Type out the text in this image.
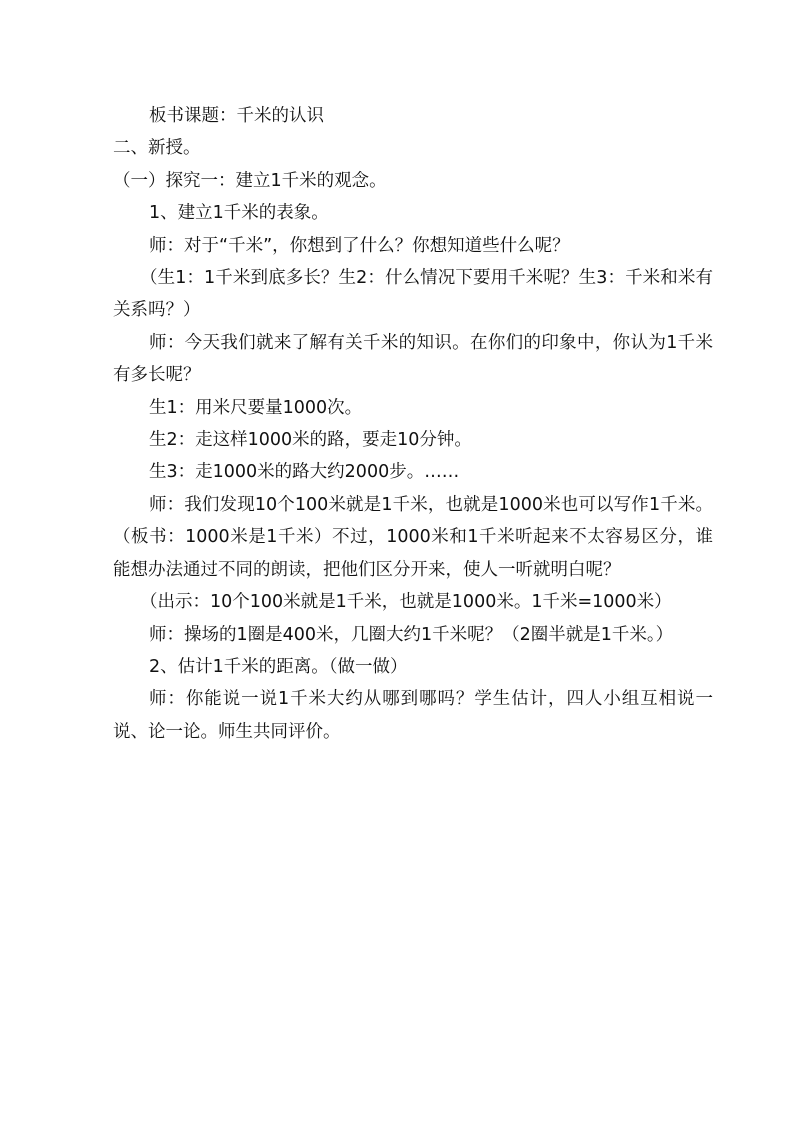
板书课题：千米的认识

二、新授。

（一）探究一：建立1千米的观念。

1、建立1千米的表象。

师：对于“千米”，你想到了什么？你想知道些什么呢？

（生1：1千米到底多长？生2：什么情况下要用千米呢？生3：千米和米有关系吗？）

师：今天我们就来了解有关千米的知识。在你们的印象中，你认为1千米有多长呢？

生1：用米尺要量1000次。

生2：走这样1000米的路，要走10分钟。

生3：走1000米的路大约2000步。……

师：我们发现10个100米就是1千米，也就是1000米也可以写作1千米。（板书：1000米是1千米）不过，1000米和1千米听起来不太容易区分，谁能想办法通过不同的朗读，把他们区分开来，使人一听就明白呢？

（出示：10个100米就是1千米，也就是1000米。1千米=1000米）

师：操场的1圈是400米，几圈大约1千米呢？（2圈半就是1千米。）

2、估计1千米的距离。（做一做）

师：你能说一说1千米大约从哪到哪吗？学生估计，四人小组互相说一说、论一论。师生共同评价。
